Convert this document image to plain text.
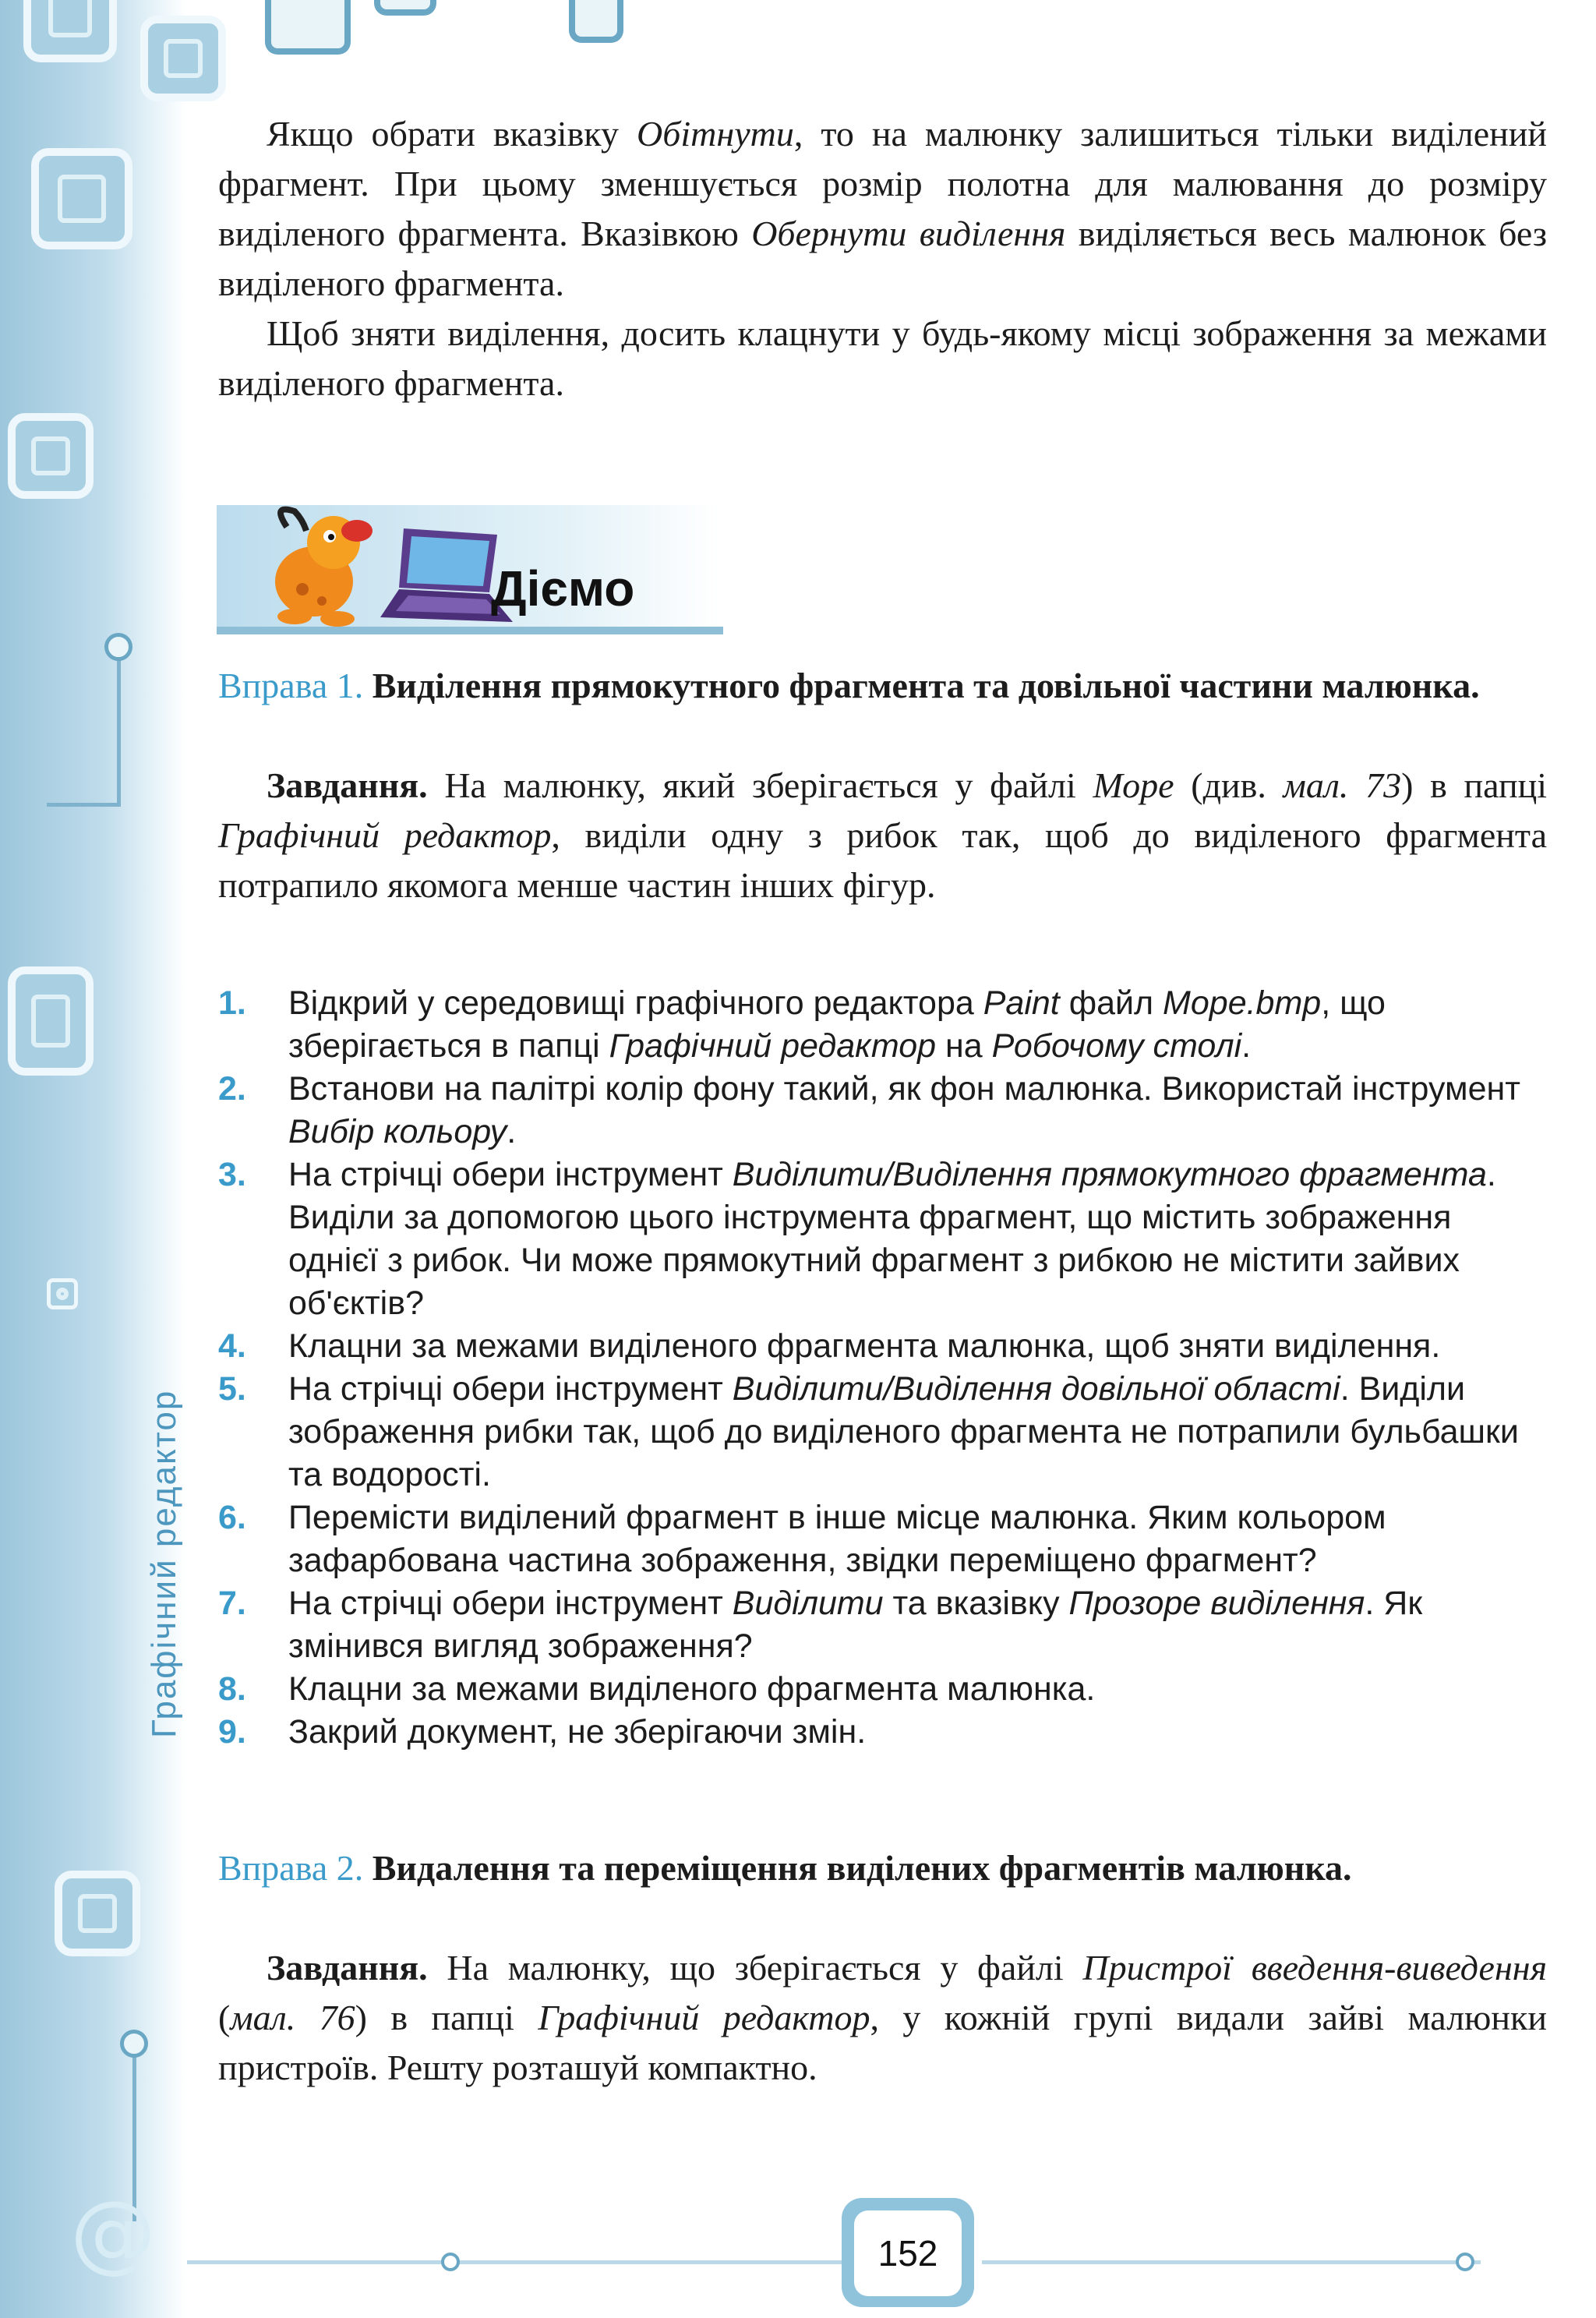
@
Графічний редактор

Якщо обрати вказівку Обітнути, то на малюнку залишиться тільки виділений фрагмент. При цьому зменшується розмір полотна для малювання до розміру виділеного фрагмента. Вказівкою Обернути виділення виділяється весь малюнок без виділеного фрагмента.

Щоб зняти виділення, досить клацнути у будь-якому місці зображення за межами виділеного фрагмента.

Діємо

Вправа 1. Виділення прямокутного фрагмента та довільної частини малюнка.

Завдання. На малюнку, який зберігається у файлі Море (див. мал. 73) в папці Графічний редактор, виділи одну з рибок так, щоб до виділеного фрагмента потрапило якомога менше частин інших фігур.

1. Відкрий у середовищі графічного редактора Paint файл Море.bmp, що зберігається в папці Графічний редактор на Робочому столі.
2. Встанови на палітрі колір фону такий, як фон малюнка. Використай інструмент Вибір кольору.
3. На стрічці обери інструмент Виділити/Виділення прямокутного фрагмента. Виділи за допомогою цього інструмента фрагмент, що містить зображення однієї з рибок. Чи може прямокутний фрагмент з рибкою не містити зайвих об'єктів?
4. Клацни за межами виділеного фрагмента малюнка, щоб зняти виділення.
5. На стрічці обери інструмент Виділити/Виділення довільної області. Виділи зображення рибки так, щоб до виділеного фрагмента не потрапили бульбашки та водорості.
6. Перемісти виділений фрагмент в інше місце малюнка. Яким кольором зафарбована частина зображення, звідки переміщено фрагмент?
7. На стрічці обери інструмент Виділити та вказівку Прозоре виділення. Як змінився вигляд зображення?
8. Клацни за межами виділеного фрагмента малюнка.
9. Закрий документ, не зберігаючи змін.

Вправа 2. Видалення та переміщення виділених фрагментів малюнка.

Завдання. На малюнку, що зберігається у файлі Пристрої введення-виведення (мал. 76) в папці Графічний редактор, у кожній групі видали зайві малюнки пристроїв. Решту розташуй компактно.

152
